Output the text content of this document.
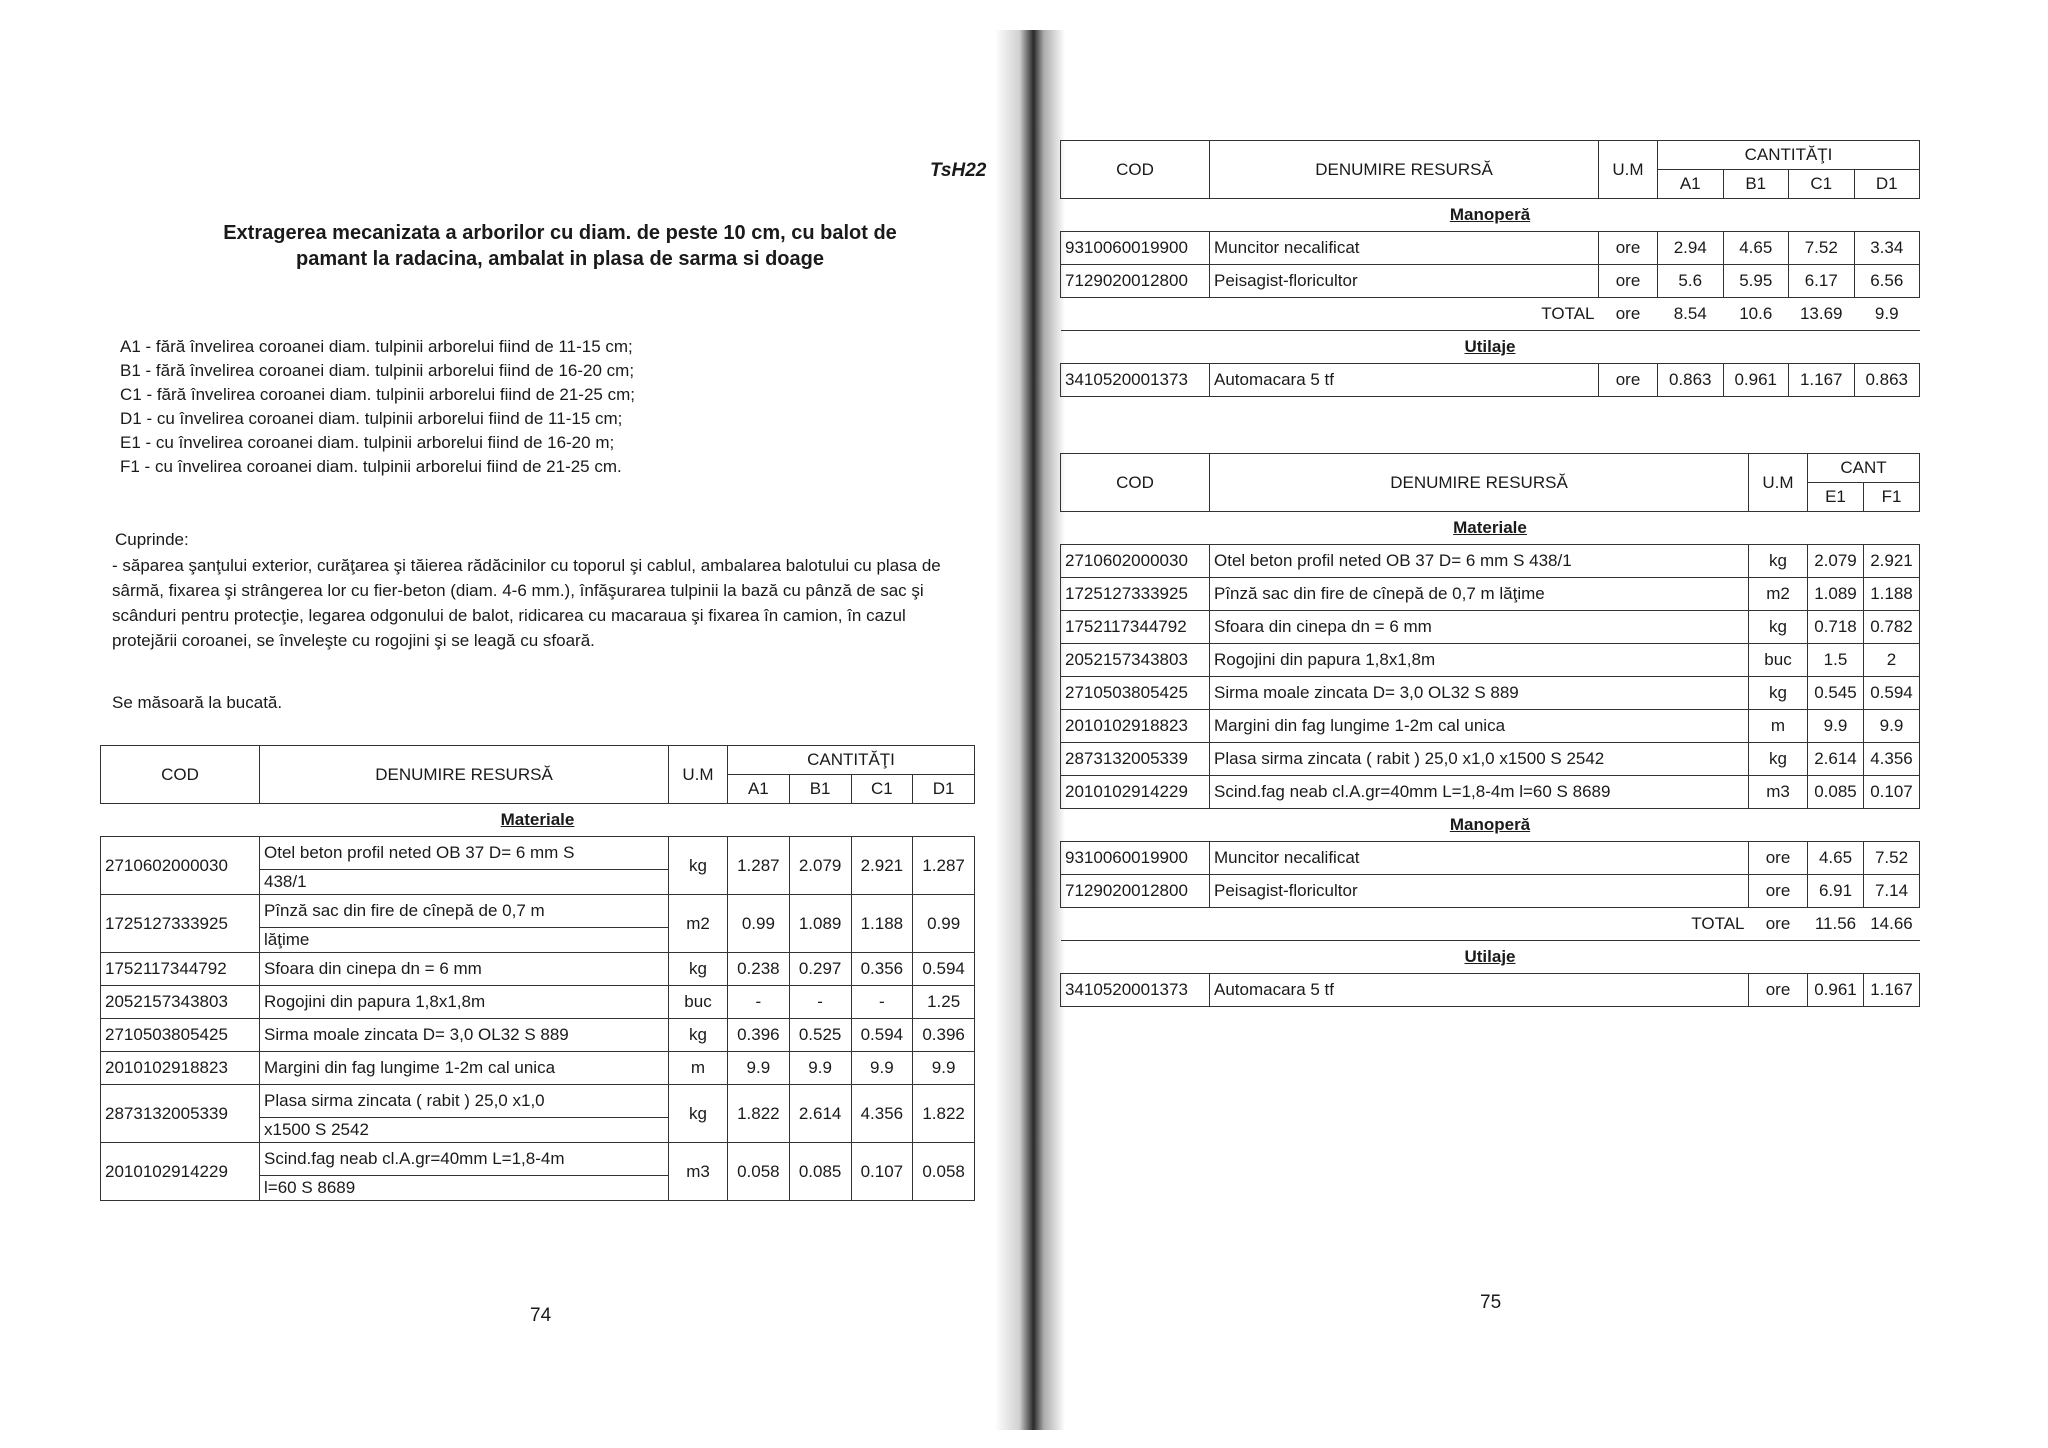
TsH22
Extragerea mecanizata a arborilor cu diam. de peste 10 cm, cu balot de pamant la radacina, ambalat in plasa de sarma si doage
A1 - fără învelirea coroanei diam. tulpinii arborelui fiind de 11-15 cm;
B1 - fără învelirea coroanei diam. tulpinii arborelui fiind de 16-20 cm;
C1 - fără învelirea coroanei diam. tulpinii arborelui fiind de 21-25 cm;
D1 - cu învelirea coroanei diam. tulpinii arborelui fiind de 11-15 cm;
E1 - cu învelirea coroanei diam. tulpinii arborelui fiind de 16-20 m;
F1 - cu învelirea coroanei diam. tulpinii arborelui fiind de 21-25 cm.
Cuprinde:
- săparea şanţului exterior, curăţarea şi tăierea rădăcinilor cu toporul şi cablul, ambalarea balotului cu plasa de sârmă, fixarea şi strângerea lor cu fier-beton (diam. 4-6 mm.), înfăşurarea tulpinii la bază cu pânză de sac şi scânduri pentru protecţie, legarea odgonului de balot, ridicarea cu macaraua şi fixarea în camion, în cazul protejării coroanei, se înveleşte cu rogojini şi se leagă cu sfoară.
Se măsoară la bucată.
COD	DENUMIRE RESURSĂ	U.M	CANTITĂŢI			
			A1	B1	C1	D1
Materiale						
2710602000030	Otel beton profil neted OB 37 D= 6 mm S	kg	1.287	2.079	2.921	1.287
	438/1					
1725127333925	Pînză sac din fire de cînepă de 0,7 m	m2	0.99	1.089	1.188	0.99
	lăţime					
1752117344792	Sfoara din cinepa dn = 6 mm	kg	0.238	0.297	0.356	0.594
2052157343803	Rogojini din papura 1,8x1,8m	buc	-	-	-	1.25
2710503805425	Sirma moale zincata D= 3,0 OL32 S 889	kg	0.396	0.525	0.594	0.396
2010102918823	Margini din fag lungime 1-2m cal unica	m	9.9	9.9	9.9	9.9
2873132005339	Plasa sirma zincata ( rabit ) 25,0 x1,0	kg	1.822	2.614	4.356	1.822
	x1500 S 2542					
2010102914229	Scind.fag neab cl.A.gr=40mm L=1,8-4m	m3	0.058	0.085	0.107	0.058
	l=60 S 8689					
74
COD	DENUMIRE RESURSĂ	U.M	CANTITĂŢI			
			A1	B1	C1	D1
Manoperă						
9310060019900	Muncitor necalificat	ore	2.94	4.65	7.52	3.34
7129020012800	Peisagist-floricultor	ore	5.6	5.95	6.17	6.56
	TOTAL	ore	8.54	10.6	13.69	9.9
Utilaje						
3410520001373	Automacara 5 tf	ore	0.863	0.961	1.167	0.863
COD	DENUMIRE RESURSĂ	U.M	CANT	
			E1	F1
Materiale				
2710602000030	Otel beton profil neted OB 37 D= 6 mm S 438/1	kg	2.079	2.921
1725127333925	Pînză sac din fire de cînepă de 0,7 m lăţime	m2	1.089	1.188
1752117344792	Sfoara din cinepa dn = 6 mm	kg	0.718	0.782
2052157343803	Rogojini din papura 1,8x1,8m	buc	1.5	2
2710503805425	Sirma moale zincata D= 3,0 OL32 S 889	kg	0.545	0.594
2010102918823	Margini din fag lungime 1-2m cal unica	m	9.9	9.9
2873132005339	Plasa sirma zincata ( rabit ) 25,0 x1,0 x1500 S 2542	kg	2.614	4.356
2010102914229	Scind.fag neab cl.A.gr=40mm L=1,8-4m l=60 S 8689	m3	0.085	0.107
Manoperă				
9310060019900	Muncitor necalificat	ore	4.65	7.52
7129020012800	Peisagist-floricultor	ore	6.91	7.14
	TOTAL	ore	11.56	14.66
Utilaje				
3410520001373	Automacara 5 tf	ore	0.961	1.167
75
